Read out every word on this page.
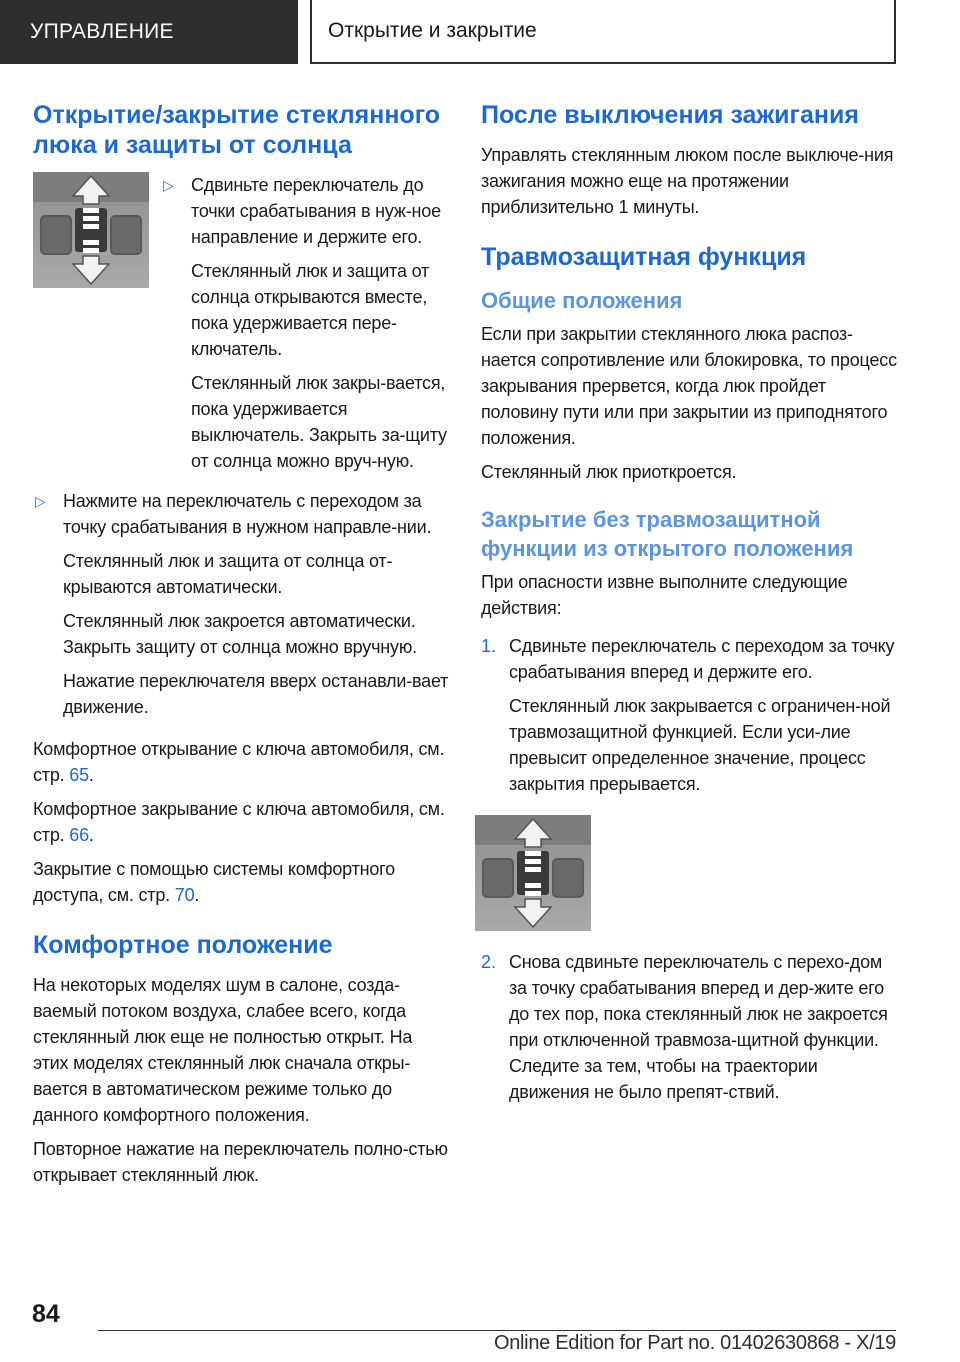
УПРАВЛЕНИЕ	Открытие и закрытие
Открытие/закрытие стеклянного люка и защиты от солнца
▷ Сдвиньте переключатель до точки срабатывания в нуж-ное направление и держите его.

Стеклянный люк и защита от солнца открываются вместе, пока удерживается пере-ключатель.

Стеклянный люк закры-вается, пока удерживается выключатель. Закрыть за-щиту от солнца можно вруч-ную.

▷ Нажмите на переключатель с переходом за точку срабатывания в нужном направле-нии.

Стеклянный люк и защита от солнца от-крываются автоматически.

Стеклянный люк закроется автоматически. Закрыть защиту от солнца можно вручную.

Нажатие переключателя вверх останавли-вает движение.

Комфортное открывание с ключа автомобиля, см. стр. 65.

Комфортное закрывание с ключа автомобиля, см. стр. 66.

Закрытие с помощью системы комфортного доступа, см. стр. 70.

Комфортное положение

На некоторых моделях шум в салоне, созда-ваемый потоком воздуха, слабее всего, когда стеклянный люк еще не полностью открыт. На этих моделях стеклянный люк сначала откры-вается в автоматическом режиме только до данного комфортного положения.

Повторное нажатие на переключатель полно-стью открывает стеклянный люк.

После выключения зажигания

Управлять стеклянным люком после выключе-ния зажигания можно еще на протяжении приблизительно 1 минуты.

Травмозащитная функция
Общие положения

Если при закрытии стеклянного люка распоз-нается сопротивление или блокировка, то процесс закрывания прервется, когда люк пройдет половину пути или при закрытии из приподнятого положения.

Стеклянный люк приоткроется.

Закрытие без травмозащитной функции из открытого положения

При опасности извне выполните следующие действия:

1. Сдвиньте переключатель с переходом за точку срабатывания вперед и держите его.

Стеклянный люк закрывается с ограничен-ной травмозащитной функцией. Если уси-лие превысит определенное значение, процесс закрытия прерывается.

2. Снова сдвиньте переключатель с перехо-дом за точку срабатывания вперед и дер-жите его до тех пор, пока стеклянный люк не закроется при отключенной травмоза-щитной функции. Следите за тем, чтобы на траектории движения не было препят-ствий.

84
Online Edition for Part no. 01402630868 - X/19
